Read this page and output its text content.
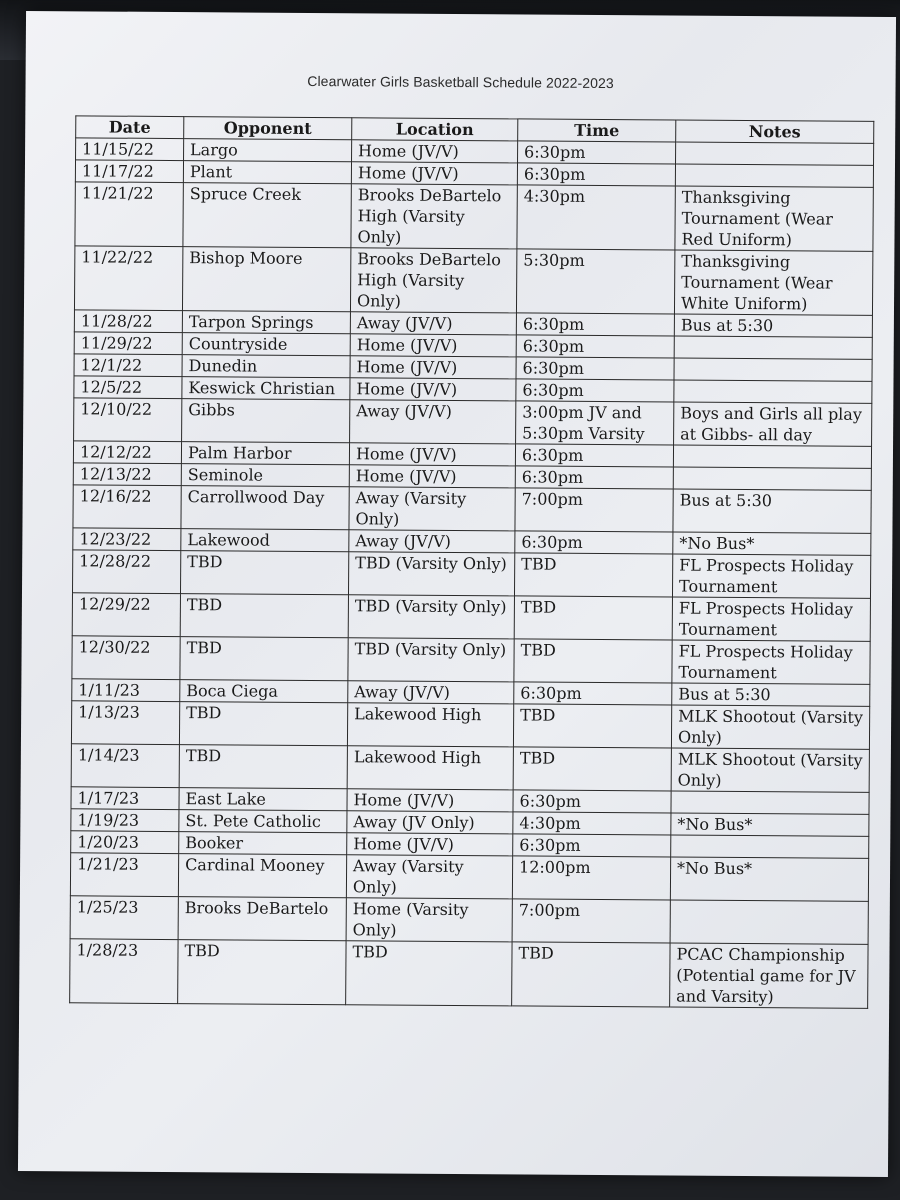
Clearwater Girls Basketball Schedule 2022-2023
Date	Opponent	Location	Time	Notes
11/15/22	Largo	Home (JV/V)	6:30pm	
11/17/22	Plant	Home (JV/V)	6:30pm	
11/21/22	Spruce Creek	Brooks DeBartelo High (Varsity Only)	4:30pm	Thanksgiving Tournament (Wear Red Uniform)
11/22/22	Bishop Moore	Brooks DeBartelo High (Varsity Only)	5:30pm	Thanksgiving Tournament (Wear White Uniform)
11/28/22	Tarpon Springs	Away (JV/V)	6:30pm	Bus at 5:30
11/29/22	Countryside	Home (JV/V)	6:30pm	
12/1/22	Dunedin	Home (JV/V)	6:30pm	
12/5/22	Keswick Christian	Home (JV/V)	6:30pm	
12/10/22	Gibbs	Away (JV/V)	3:00pm JV and 5:30pm Varsity	Boys and Girls all play at Gibbs- all day
12/12/22	Palm Harbor	Home (JV/V)	6:30pm	
12/13/22	Seminole	Home (JV/V)	6:30pm	
12/16/22	Carrollwood Day	Away (Varsity Only)	7:00pm	Bus at 5:30
12/23/22	Lakewood	Away (JV/V)	6:30pm	*No Bus*
12/28/22	TBD	TBD (Varsity Only)	TBD	FL Prospects Holiday Tournament
12/29/22	TBD	TBD (Varsity Only)	TBD	FL Prospects Holiday Tournament
12/30/22	TBD	TBD (Varsity Only)	TBD	FL Prospects Holiday Tournament
1/11/23	Boca Ciega	Away (JV/V)	6:30pm	Bus at 5:30
1/13/23	TBD	Lakewood High	TBD	MLK Shootout (Varsity Only)
1/14/23	TBD	Lakewood High	TBD	MLK Shootout (Varsity Only)
1/17/23	East Lake	Home (JV/V)	6:30pm	
1/19/23	St. Pete Catholic	Away (JV Only)	4:30pm	*No Bus*
1/20/23	Booker	Home (JV/V)	6:30pm	
1/21/23	Cardinal Mooney	Away (Varsity Only)	12:00pm	*No Bus*
1/25/23	Brooks DeBartelo	Home (Varsity Only)	7:00pm	
1/28/23	TBD	TBD	TBD	PCAC Championship (Potential game for JV and Varsity)
